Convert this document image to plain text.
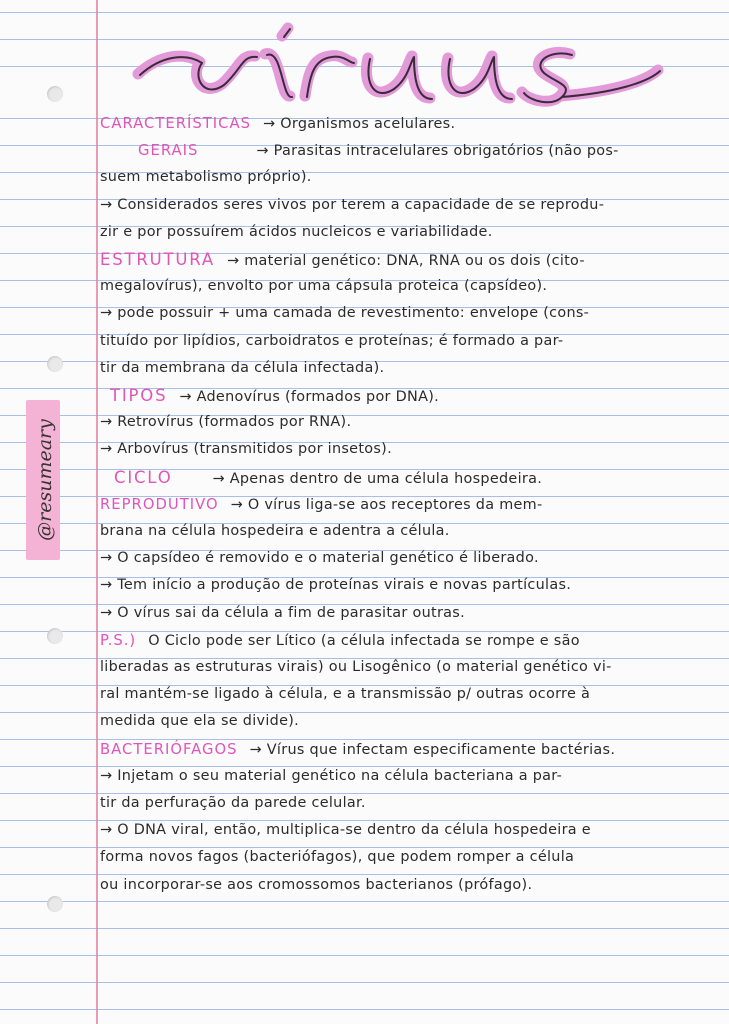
@resumeary
CARACTERÍSTICAS → Organismos acelulares.
GERAIS	→ Parasitas intracelulares obrigatórios (não pos-
suem metabolismo próprio).
→ Considerados seres vivos por terem a capacidade de se reprodu-
zir e por possuírem ácidos nucleicos e variabilidade.
ESTRUTURA → material genético: DNA, RNA ou os dois (cito-
megalovírus), envolto por uma cápsula proteica (capsídeo).
→ pode possuir + uma camada de revestimento: envelope (cons-
tituído por lipídios, carboidratos e proteínas; é formado a par-
tir da membrana da célula infectada).
TIPOS → Adenovírus (formados por DNA).
→ Retrovírus (formados por RNA).
→ Arbovírus (transmitidos por insetos).
CICLO	→ Apenas dentro de uma célula hospedeira.
REPRODUTIVO → O vírus liga-se aos receptores da mem-
brana na célula hospedeira e adentra a célula.
→ O capsídeo é removido e o material genético é liberado.
→ Tem início a produção de proteínas virais e novas partículas.
→ O vírus sai da célula a fim de parasitar outras.
P.S.) O Ciclo pode ser Lítico (a célula infectada se rompe e são
liberadas as estruturas virais) ou Lisogênico (o material genético vi-
ral mantém-se ligado à célula, e a transmissão p/ outras ocorre à
medida que ela se divide).
BACTERIÓFAGOS → Vírus que infectam especificamente bactérias.
→ Injetam o seu material genético na célula bacteriana a par-
tir da perfuração da parede celular.
→ O DNA viral, então, multiplica-se dentro da célula hospedeira e
forma novos fagos (bacteriófagos), que podem romper a célula
ou incorporar-se aos cromossomos bacterianos (prófago).
